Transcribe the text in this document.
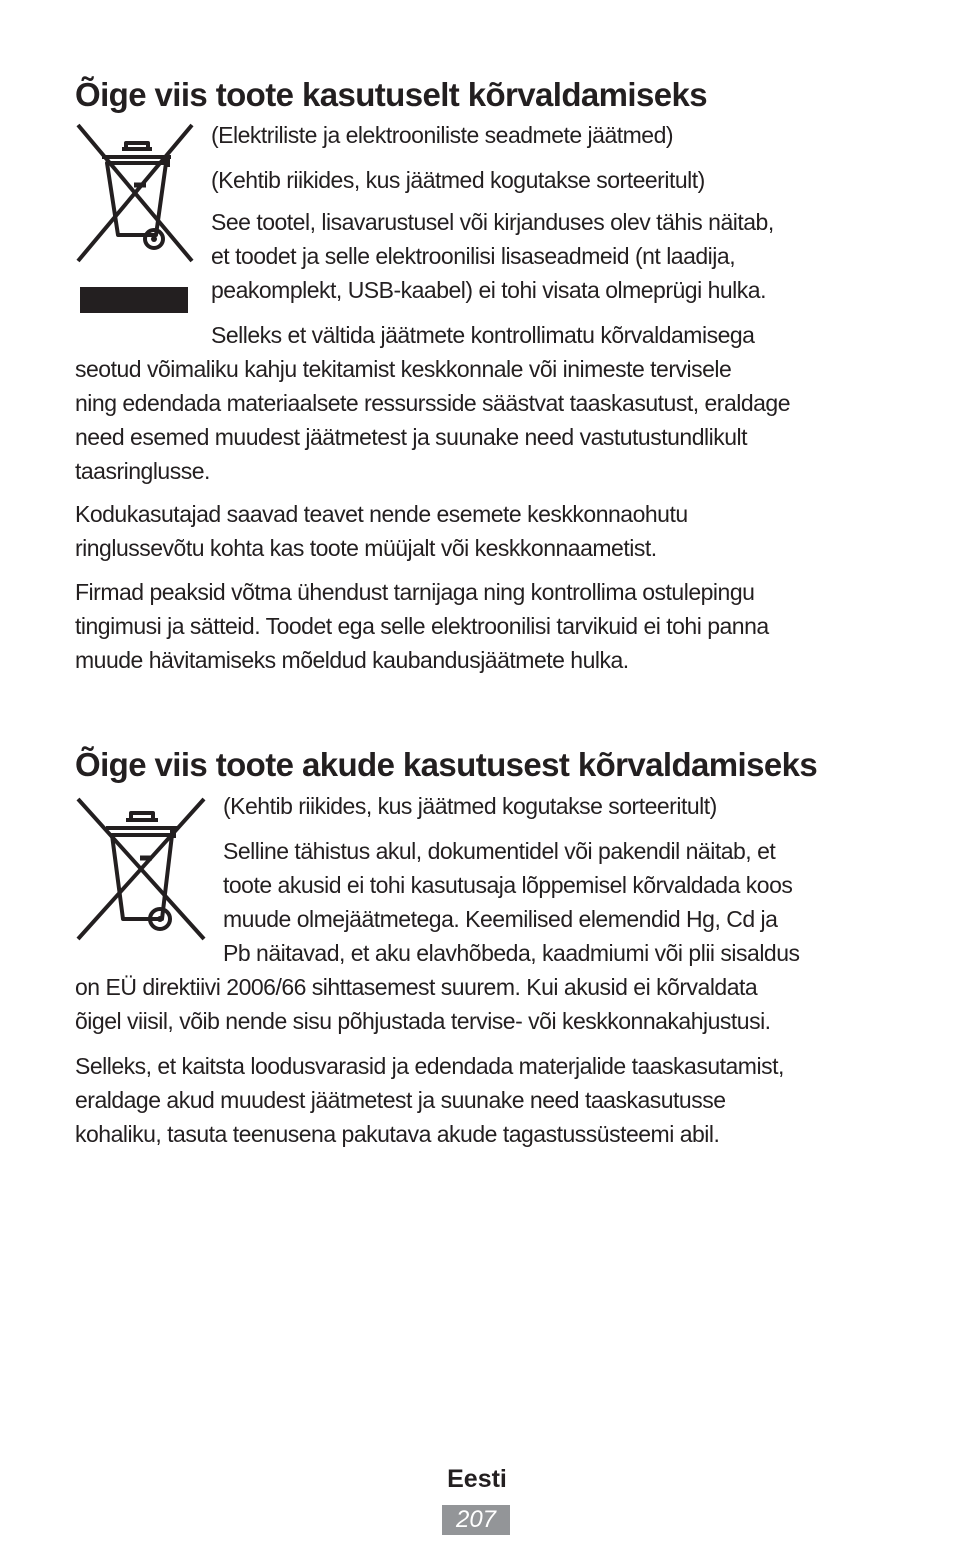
Õige viis toote kasutuselt kõrvaldamiseks
(Elektriliste ja elektrooniliste seadmete jäätmed)
(Kehtib riikides, kus jäätmed kogutakse sorteeritult)
See tootel, lisavarustusel või kirjanduses olev tähis näitab,
et toodet ja selle elektroonilisi lisaseadmeid (nt laadija,
peakomplekt, USB-kaabel) ei tohi visata olmeprügi hulka.
Selleks et vältida jäätmete kontrollimatu kõrvaldamisega
seotud võimaliku kahju tekitamist keskkonnale või inimeste tervisele
ning edendada materiaalsete ressursside säästvat taaskasutust, eraldage
need esemed muudest jäätmetest ja suunake need vastutustundlikult
taasringlusse.
Kodukasutajad saavad teavet nende esemete keskkonnaohutu
ringlussevõtu kohta kas toote müüjalt või keskkonnaametist.
Firmad peaksid võtma ühendust tarnijaga ning kontrollima ostulepingu
tingimusi ja sätteid. Toodet ega selle elektroonilisi tarvikuid ei tohi panna
muude hävitamiseks mõeldud kaubandusjäätmete hulka.
Õige viis toote akude kasutusest kõrvaldamiseks
(Kehtib riikides, kus jäätmed kogutakse sorteeritult)
Selline tähistus akul, dokumentidel või pakendil näitab, et
toote akusid ei tohi kasutusaja lõppemisel kõrvaldada koos
muude olmejäätmetega. Keemilised elemendid Hg, Cd ja
Pb näitavad, et aku elavhõbeda, kaadmiumi või plii sisaldus
on EÜ direktiivi 2006/66 sihttasemest suurem. Kui akusid ei kõrvaldata
õigel viisil, võib nende sisu põhjustada tervise- või keskkonnakahjustusi.
Selleks, et kaitsta loodusvarasid ja edendada materjalide taaskasutamist,
eraldage akud muudest jäätmetest ja suunake need taaskasutusse
kohaliku, tasuta teenusena pakutava akude tagastussüsteemi abil.
Eesti
207
